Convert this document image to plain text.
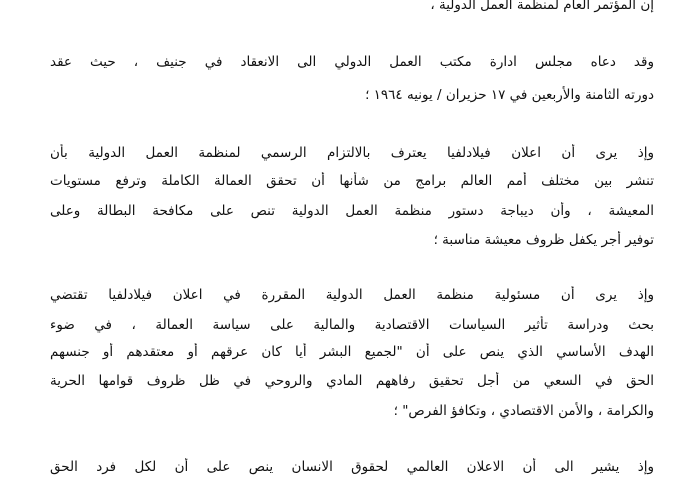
إن المؤتمر العام لمنظمة العمل الدولية ،
وقد دعاه مجلس ادارة مكتب العمل الدولي الى الانعقاد في جنيف ، حيث عقد
دورته الثامنة والأربعين في ١٧ حزيران / يونيه ١٩٦٤ ؛
وإذ يرى أن اعلان فيلادلفيا يعترف بالالتزام الرسمي لمنظمة العمل الدولية بأن
تنشر بين مختلف أمم العالم برامج من شأنها أن تحقق العمالة الكاملة وترفع مستويات
المعيشة ، وأن ديباجة دستور منظمة العمل الدولية تنص على مكافحة البطالة وعلى
توفير أجر يكفل ظروف معيشة مناسبة ؛
وإذ يرى أن مسئولية منظمة العمل الدولية المقررة في اعلان فيلادلفيا تقتضي
بحث ودراسة تأثير السياسات الاقتصادية والمالية على سياسة العمالة ، في ضوء
الهدف الأساسي الذي ينص على أن "لجميع البشر أيا كان عرقهم أو معتقدهم أو جنسهم
الحق في السعي من أجل تحقيق رفاههم المادي والروحي في ظل ظروف قوامها الحرية
والكرامة ، والأمن الاقتصادي ، وتكافؤ الفرص" ؛
وإذ يشير الى أن الاعلان العالمي لحقوق الانسان ينص على أن لكل فرد الحق
